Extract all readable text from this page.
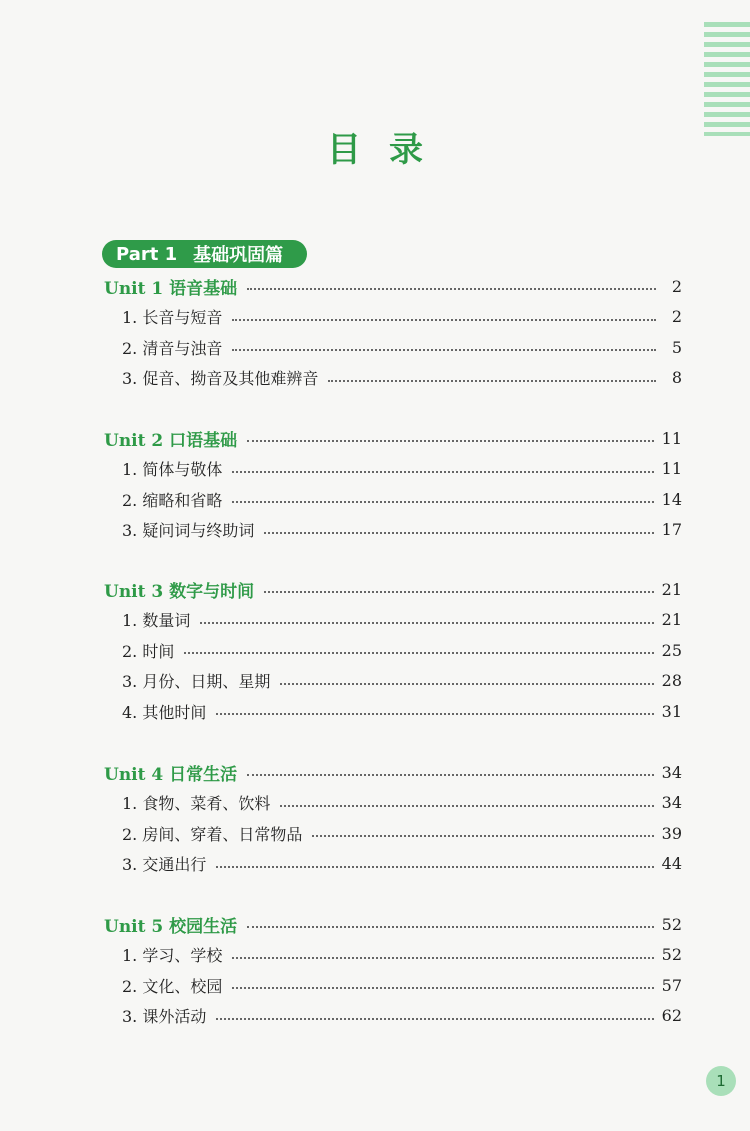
目录
Part 1 基础巩固篇
Unit 1 语音基础	2
1. 长音与短音	2
2. 清音与浊音	5
3. 促音、拗音及其他难辨音	8
Unit 2 口语基础	11
1. 简体与敬体	11
2. 缩略和省略	14
3. 疑问词与终助词	17
Unit 3 数字与时间	21
1. 数量词	21
2. 时间	25
3. 月份、日期、星期	28
4. 其他时间	31
Unit 4 日常生活	34
1. 食物、菜肴、饮料	34
2. 房间、穿着、日常物品	39
3. 交通出行	44
Unit 5 校园生活	52
1. 学习、学校	52
2. 文化、校园	57
3. 课外活动	62
1
